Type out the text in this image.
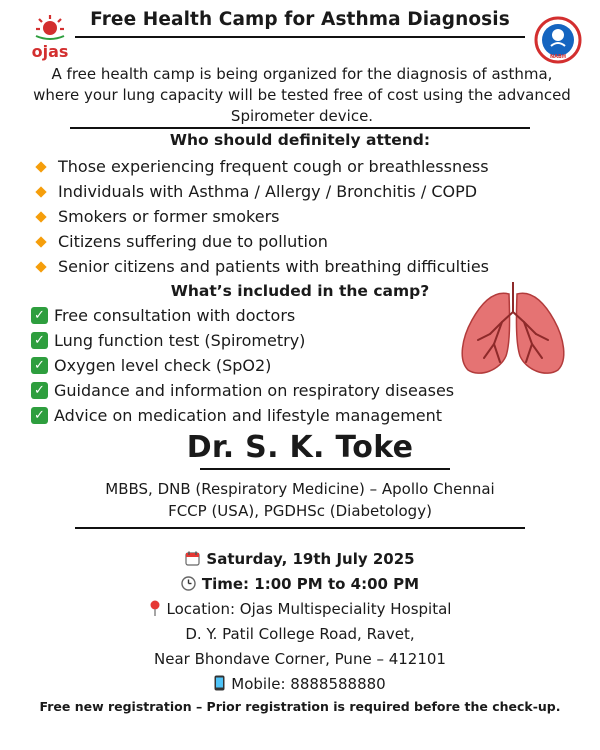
ojas	NABH
Free Health Camp for Asthma Diagnosis
A free health camp is being organized for the diagnosis of asthma, where your lung capacity will be tested free of cost using the advanced Spirometer device.
Who should definitely attend:
Those experiencing frequent cough or breathlessness
Individuals with Asthma / Allergy / Bronchitis / COPD
Smokers or former smokers
Citizens suffering due to pollution
Senior citizens and patients with breathing difficulties
What’s included in the camp?
✓ Free consultation with doctors
✓ Lung function test (Spirometry)
✓ Oxygen level check (SpO2)
✓ Guidance and information on respiratory diseases
✓ Advice on medication and lifestyle management
Dr. S. K. Toke
MBBS, DNB (Respiratory Medicine) – Apollo Chennai
FCCP (USA), PGDHSc (Diabetology)
Saturday, 19th July 2025
Time: 1:00 PM to 4:00 PM
Location: Ojas Multispeciality Hospital
D. Y. Patil College Road, Ravet,
Near Bhondave Corner, Pune – 412101
Mobile: 8888588880
Free new registration – Prior registration is required before the check-up.
